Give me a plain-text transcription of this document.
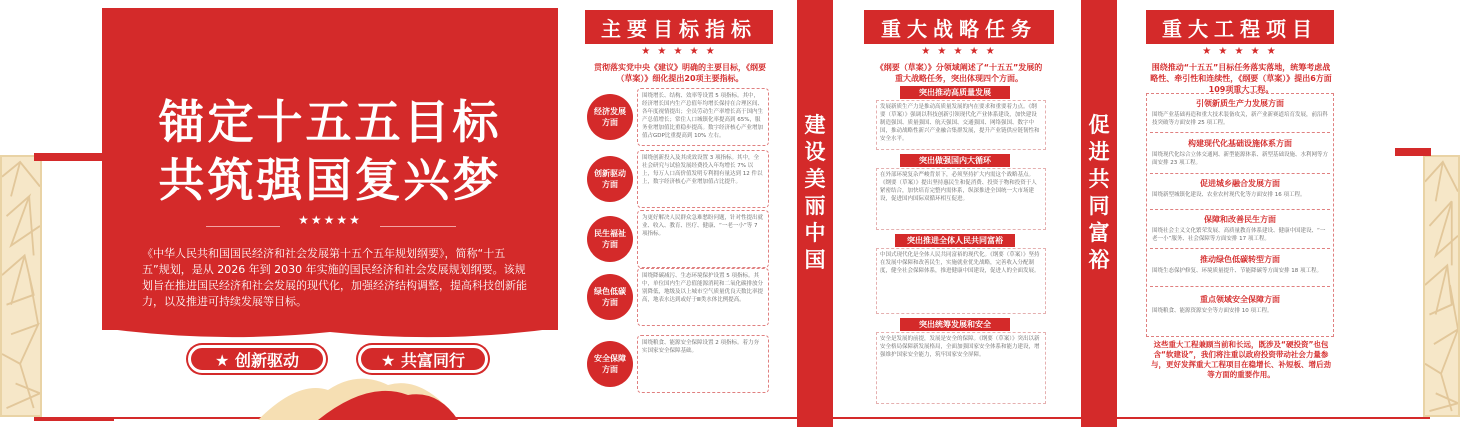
锚定十五五目标
共筑强国复兴梦
★★★★★
《中华人民共和国国民经济和社会发展第十五个五年规划纲要》，简称“十五五”规划，是从 2026 年到 2030 年实施的国民经济和社会发展规划纲要。该规划旨在推进国民经济和社会发展的现代化，加强经济结构调整，提高科技创新能力，以及推进可持续发展等目标。
★ 创新驱动	★ 共富同行
主要目标指标
★ ★ ★ ★ ★
贯彻落实党中央《建议》明确的主要目标，《纲要（草案）》细化提出20项主要指标。
经济发展
方面
围绕增长、结构、效率等设置 5 项指标。其中，经济增长国内生产总值年均增长保持在合理区间、各年度视情提出；全员劳动生产率增长高于国内生产总值增长；常住人口城镇化率提高到 65%，服务业增加值比重稳步提高。数字经济核心产业增加值占GDP比重提高到 10% 左右。
创新驱动
方面
围绕创新投入及其成效设置 3 项指标。其中，全社会研究与试验发展经费投入年均增长 7% 以上，每万人口高价值发明专利拥有量达到 12 件以上，数字经济核心产业增加值占比提升。
民生福祉
方面
为更好解决人民群众急难愁盼问题，针对性提出就业、收入、教育、医疗、健康、“一老一小”等 7 项指标。
绿色低碳
方面
围绕降碳减污、生态环境保护设置 5 项指标。其中，单位国内生产总值能源消耗和二氧化碳排放分别降低，地级及以上城市空气质量优良天数比率提高，地表水达到或好于Ⅲ类水体比例提高。
安全保障
方面
围绕粮食、能源安全保障设置 2 项指标。着力夯实国家安全保障基础。
建
设
美
丽
中
国
重大战略任务
★ ★ ★ ★ ★
《纲要（草案）》分领域阐述了“十五五”发展的重大战略任务，突出体现四个方面。
突出推动高质量发展
发展新质生产力是推动高质量发展的内在要求和重要着力点。《纲要（草案）》强调以科技创新引领现代化产业体系建设，加快建设制造强国、质量强国、航天强国、交通强国、网络强国、数字中国，推动战略性新兴产业融合集群发展，提升产业链供应链韧性和安全水平。
突出做强国内大循环
在外部环境复杂严峻背景下，必须坚持扩大内需这个战略基点。《纲要（草案）》提出坚持惠民生和促消费、投资于物和投资于人紧密结合，加快培育完整内需体系，纵深推进全国统一大市场建设，促进国内国际双循环相互促进。
突出推进全体人民共同富裕
中国式现代化是全体人民共同富裕的现代化。《纲要（草案）》坚持在发展中保障和改善民生，实施就业优先战略，完善收入分配制度，健全社会保障体系，推进健康中国建设，促进人的全面发展。
突出统筹发展和安全
安全是发展的前提，发展是安全的保障。《纲要（草案）》突出以新安全格局保障新发展格局，全面加强国家安全体系和能力建设，增强维护国家安全能力，筑牢国家安全屏障。
促
进
共
同
富
裕
重大工程项目
★ ★ ★ ★ ★
围绕推动“十五五”目标任务落实落地，统筹考虑战略性、牵引性和连续性，《纲要（草案）》提出6方面109项重大工程。
引领新质生产力发展方面
围绕产业基础再造和重大技术装备攻关，新产业新赛道培育发展，前沿科技突破等方面安排 25 项工程。
构建现代化基础设施体系方面
围绕现代化综合立体交通网、新型能源体系、新型基础设施、水利网等方面安排 23 项工程。
促进城乡融合发展方面
围绕新型城镇化建设、农业农村现代化等方面安排 16 项工程。
保障和改善民生方面
围绕社会主义文化繁荣发展、高质量教育体系建设、健康中国建设、“一老一小”服务、社会保障等方面安排 17 项工程。
推动绿色低碳转型方面
围绕生态保护修复、环境质量提升、节能降碳等方面安排 18 项工程。
重点领域安全保障方面
围绕粮食、能源资源安全等方面安排 10 项工程。
这些重大工程兼顾当前和长远，既涉及“硬投资”也包含“软建设”，我们将注重以政府投资带动社会力量参与，更好发挥重大工程项目在稳增长、补短板、增后劲等方面的重要作用。
